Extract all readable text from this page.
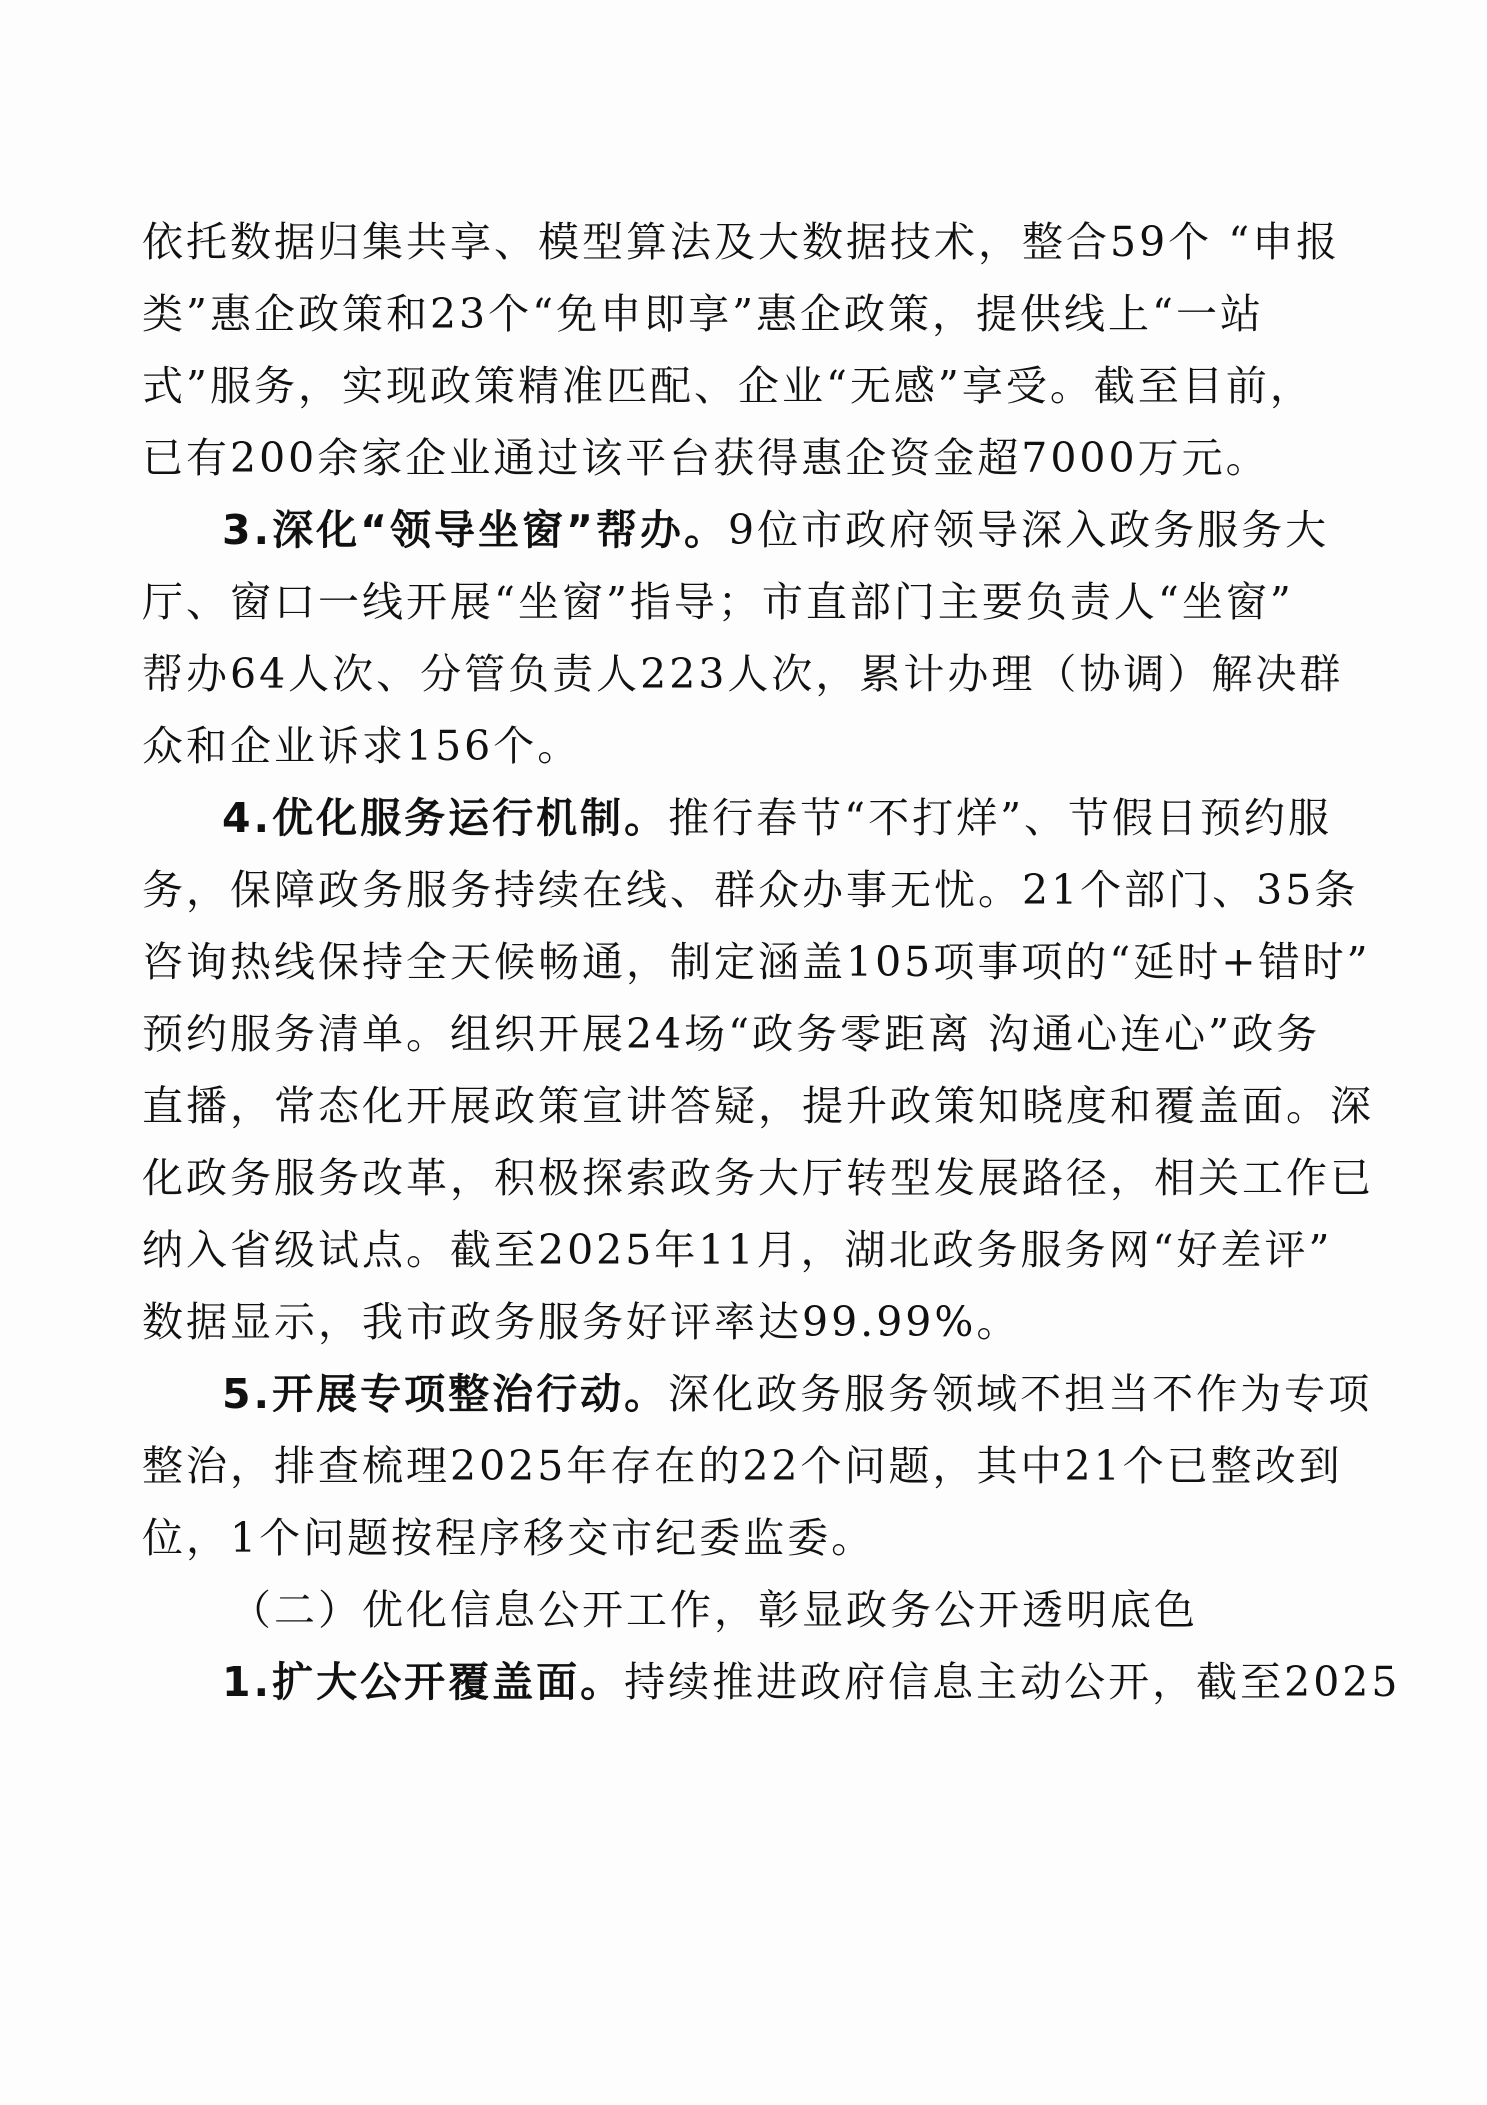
依托数据归集共享、模型算法及大数据技术，整合59个 “申报
类”惠企政策和23个“免申即享”惠企政策，提供线上“一站
式”服务，实现政策精准匹配、企业“无感”享受。截至目前，
已有200余家企业通过该平台获得惠企资金超7000万元。
3.深化“领导坐窗”帮办。9位市政府领导深入政务服务大
厅、窗口一线开展“坐窗”指导；市直部门主要负责人“坐窗”
帮办64人次、分管负责人223人次，累计办理（协调）解决群
众和企业诉求156个。
4.优化服务运行机制。推行春节“不打烊”、节假日预约服
务，保障政务服务持续在线、群众办事无忧。21个部门、35条
咨询热线保持全天候畅通，制定涵盖105项事项的“延时+错时”
预约服务清单。组织开展24场“政务零距离 沟通心连心”政务
直播，常态化开展政策宣讲答疑，提升政策知晓度和覆盖面。深
化政务服务改革，积极探索政务大厅转型发展路径，相关工作已
纳入省级试点。截至2025年11月，湖北政务服务网“好差评”
数据显示，我市政务服务好评率达99.99%。
5.开展专项整治行动。深化政务服务领域不担当不作为专项
整治，排查梳理2025年存在的22个问题，其中21个已整改到
位，1个问题按程序移交市纪委监委。
（二）优化信息公开工作，彰显政务公开透明底色
1.扩大公开覆盖面。持续推进政府信息主动公开，截至2025
